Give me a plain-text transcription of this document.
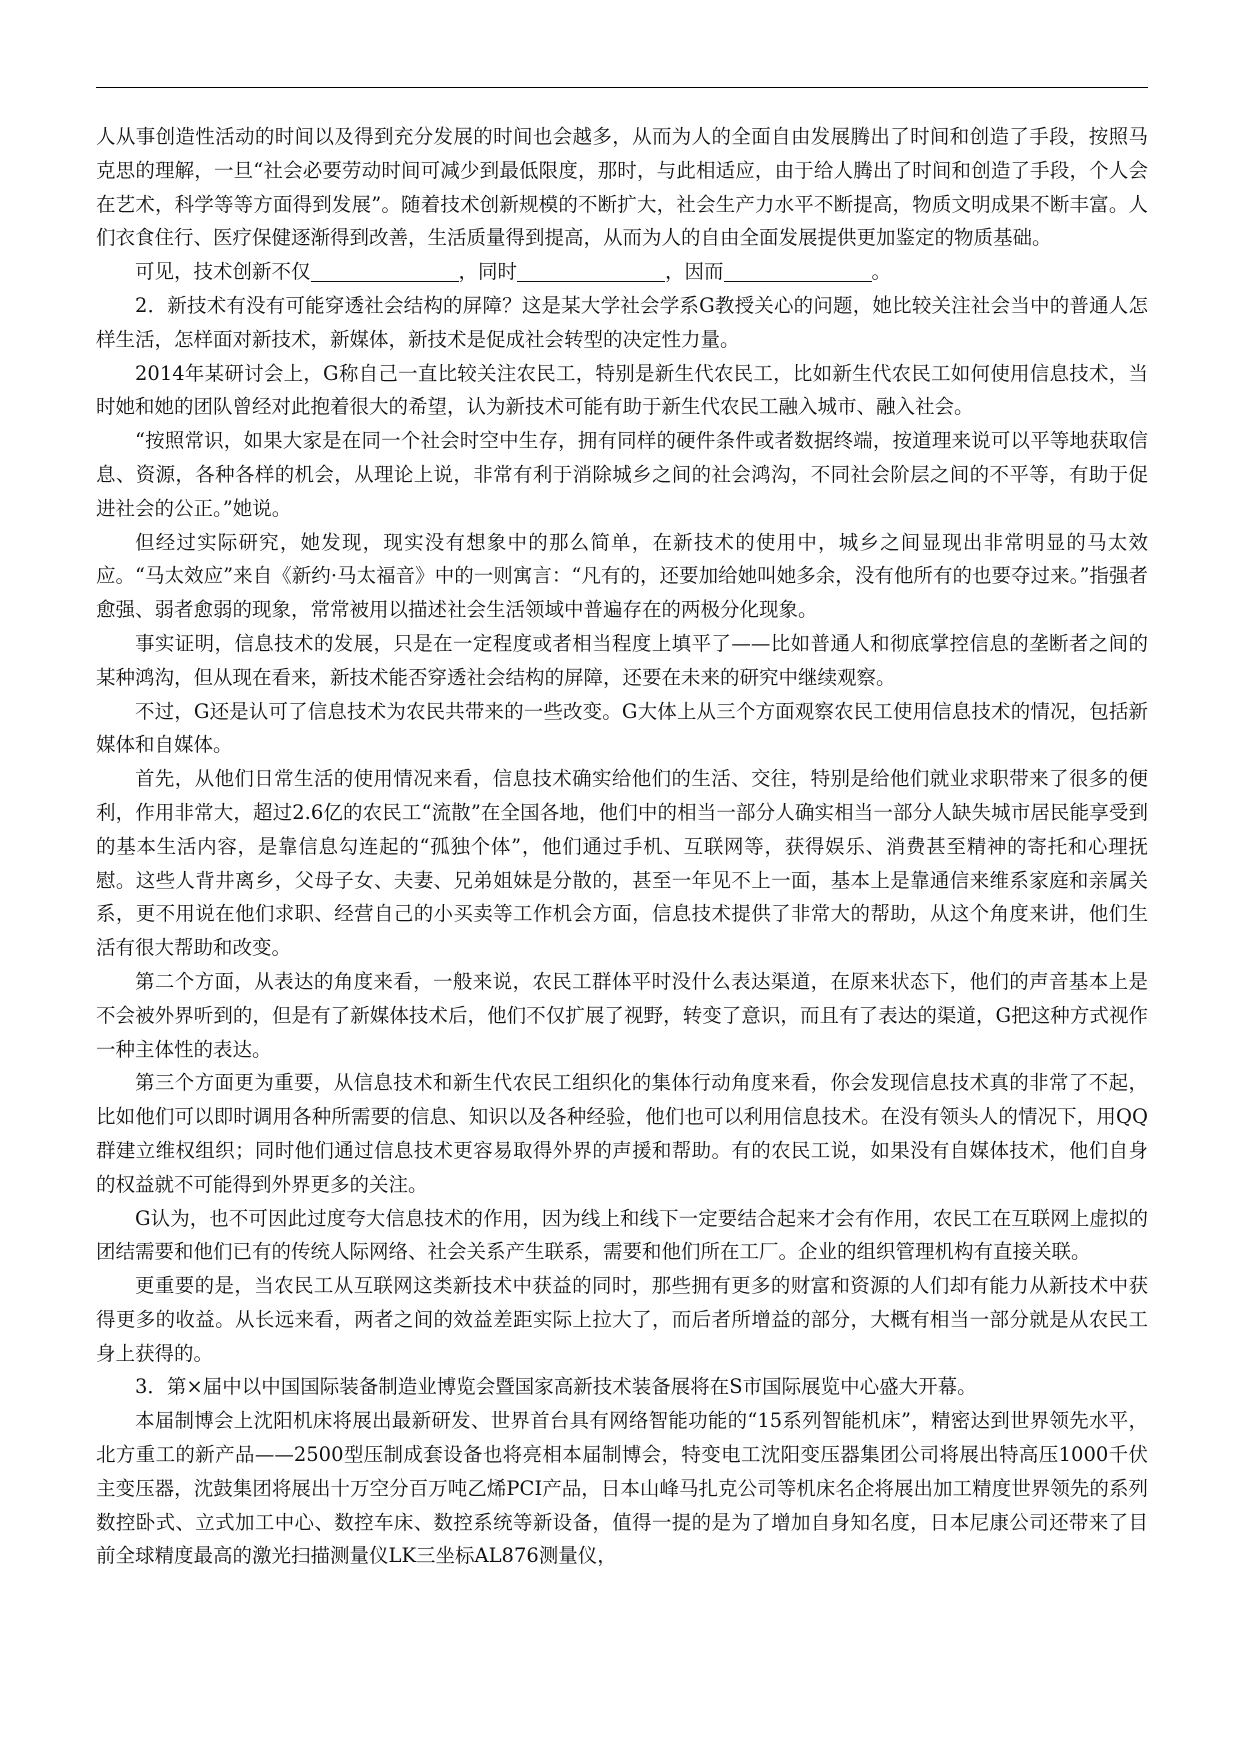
人从事创造性活动的时间以及得到充分发展的时间也会越多，从而为人的全面自由发展腾出了时间和创造了手段，按照马克思的理解，一旦“社会必要劳动时间可减少到最低限度，那时，与此相适应，由于给人腾出了时间和创造了手段，个人会在艺术，科学等等方面得到发展”。随着技术创新规模的不断扩大，社会生产力水平不断提高，物质文明成果不断丰富。人们衣食住行、医疗保健逐渐得到改善，生活质量得到提高，从而为人的自由全面发展提供更加鉴定的物质基础。

可见，技术创新不仅	，同时	，因而	。

2．新技术有没有可能穿透社会结构的屏障？这是某大学社会学系G教授关心的问题，她比较关注社会当中的普通人怎样生活，怎样面对新技术，新媒体，新技术是促成社会转型的决定性力量。

2014年某研讨会上，G称自己一直比较关注农民工，特别是新生代农民工，比如新生代农民工如何使用信息技术，当时她和她的团队曾经对此抱着很大的希望，认为新技术可能有助于新生代农民工融入城市、融入社会。

“按照常识，如果大家是在同一个社会时空中生存，拥有同样的硬件条件或者数据终端，按道理来说可以平等地获取信息、资源，各种各样的机会，从理论上说，非常有利于消除城乡之间的社会鸿沟，不同社会阶层之间的不平等，有助于促进社会的公正。”她说。

但经过实际研究，她发现，现实没有想象中的那么简单，在新技术的使用中，城乡之间显现出非常明显的马太效应。“马太效应”来自《新约·马太福音》中的一则寓言：“凡有的，还要加给她叫她多余，没有他所有的也要夺过来。”指强者愈强、弱者愈弱的现象，常常被用以描述社会生活领域中普遍存在的两极分化现象。

事实证明，信息技术的发展，只是在一定程度或者相当程度上填平了——比如普通人和彻底掌控信息的垄断者之间的某种鸿沟，但从现在看来，新技术能否穿透社会结构的屏障，还要在未来的研究中继续观察。

不过，G还是认可了信息技术为农民共带来的一些改变。G大体上从三个方面观察农民工使用信息技术的情况，包括新媒体和自媒体。

首先，从他们日常生活的使用情况来看，信息技术确实给他们的生活、交往，特别是给他们就业求职带来了很多的便利，作用非常大，超过2.6亿的农民工“流散”在全国各地，他们中的相当一部分人确实相当一部分人缺失城市居民能享受到的基本生活内容，是靠信息勾连起的“孤独个体”，他们通过手机、互联网等，获得娱乐、消费甚至精神的寄托和心理抚慰。这些人背井离乡，父母子女、夫妻、兄弟姐妹是分散的，甚至一年见不上一面，基本上是靠通信来维系家庭和亲属关系，更不用说在他们求职、经营自己的小买卖等工作机会方面，信息技术提供了非常大的帮助，从这个角度来讲，他们生活有很大帮助和改变。

第二个方面，从表达的角度来看，一般来说，农民工群体平时没什么表达渠道，在原来状态下，他们的声音基本上是不会被外界听到的，但是有了新媒体技术后，他们不仅扩展了视野，转变了意识，而且有了表达的渠道，G把这种方式视作一种主体性的表达。

第三个方面更为重要，从信息技术和新生代农民工组织化的集体行动角度来看，你会发现信息技术真的非常了不起，比如他们可以即时调用各种所需要的信息、知识以及各种经验，他们也可以利用信息技术。在没有领头人的情况下，用QQ群建立维权组织；同时他们通过信息技术更容易取得外界的声援和帮助。有的农民工说，如果没有自媒体技术，他们自身的权益就不可能得到外界更多的关注。

G认为，也不可因此过度夸大信息技术的作用，因为线上和线下一定要结合起来才会有作用，农民工在互联网上虚拟的团结需要和他们已有的传统人际网络、社会关系产生联系，需要和他们所在工厂。企业的组织管理机构有直接关联。

更重要的是，当农民工从互联网这类新技术中获益的同时，那些拥有更多的财富和资源的人们却有能力从新技术中获得更多的收益。从长远来看，两者之间的效益差距实际上拉大了，而后者所增益的部分，大概有相当一部分就是从农民工身上获得的。

3．第×届中以中国国际装备制造业博览会暨国家高新技术装备展将在S市国际展览中心盛大开幕。

本届制博会上沈阳机床将展出最新研发、世界首台具有网络智能功能的“15系列智能机床”，精密达到世界领先水平，北方重工的新产品——2500型压制成套设备也将亮相本届制博会，特变电工沈阳变压器集团公司将展出特高压1000千伏主变压器，沈鼓集团将展出十万空分百万吨乙烯PCI产品，日本山峰马扎克公司等机床名企将展出加工精度世界领先的系列数控卧式、立式加工中心、数控车床、数控系统等新设备，值得一提的是为了增加自身知名度，日本尼康公司还带来了目前全球精度最高的激光扫描测量仪LK三坐标AL876测量仪，
